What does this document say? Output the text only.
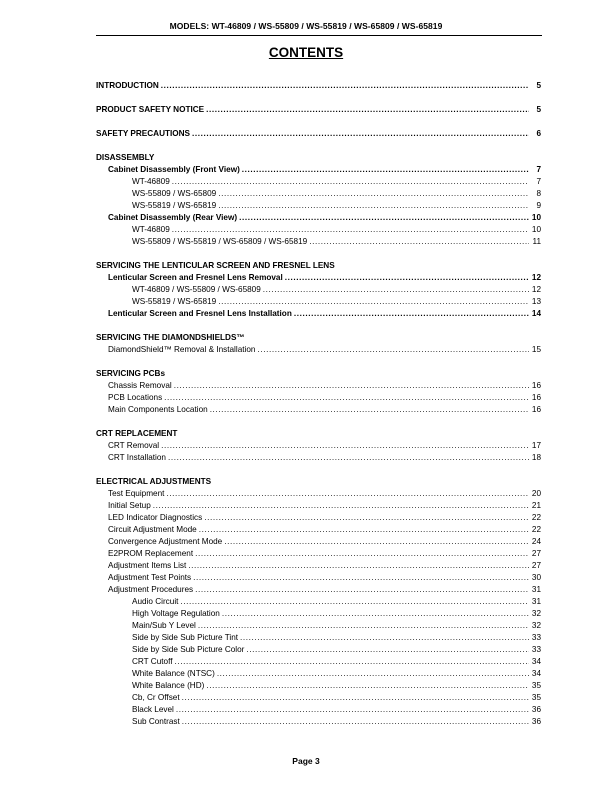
MODELS: WT-46809 / WS-55809 / WS-55819 / WS-65809 / WS-65819
CONTENTS
INTRODUCTION .....	5
PRODUCT SAFETY NOTICE .....	5
SAFETY PRECAUTIONS .....	6
DISASSEMBLY
Cabinet Disassembly (Front View) .....	7
WT-46809 .....	7
WS-55809 / WS-65809 .....	8
WS-55819 / WS-65819 .....	9
Cabinet Disassembly (Rear View) .....	10
WT-46809 .....	10
WS-55809 / WS-55819 / WS-65809 / WS-65819 .....	11
SERVICING THE LENTICULAR SCREEN AND FRESNEL LENS
Lenticular Screen and Fresnel Lens Removal .....	12
WT-46809 / WS-55809 / WS-65809 .....	12
WS-55819 / WS-65819 .....	13
Lenticular Screen and Fresnel Lens Installation .....	14
SERVICING THE DIAMONDSHIELDS™
DiamondShield™ Removal & Installation .....	15
SERVICING PCBs
Chassis Removal .....	16
PCB Locations .....	16
Main Components Location .....	16
CRT REPLACEMENT
CRT Removal .....	17
CRT Installation .....	18
ELECTRICAL ADJUSTMENTS
Test Equipment .....	20
Initial Setup .....	21
LED Indicator Diagnostics .....	22
Circuit Adjustment Mode .....	22
Convergence Adjustment Mode .....	24
E2PROM Replacement .....	27
Adjustment Items List .....	27
Adjustment Test Points .....	30
Adjustment Procedures .....	31
Audio Circuit .....	31
High Voltage Regulation .....	32
Main/Sub Y Level .....	32
Side by Side Sub Picture Tint .....	33
Side by Side Sub Picture Color .....	33
CRT Cutoff .....	34
White Balance (NTSC) .....	34
White Balance (HD) .....	35
Cb, Cr Offset .....	35
Black Level .....	36
Sub Contrast .....	36
Page 3
